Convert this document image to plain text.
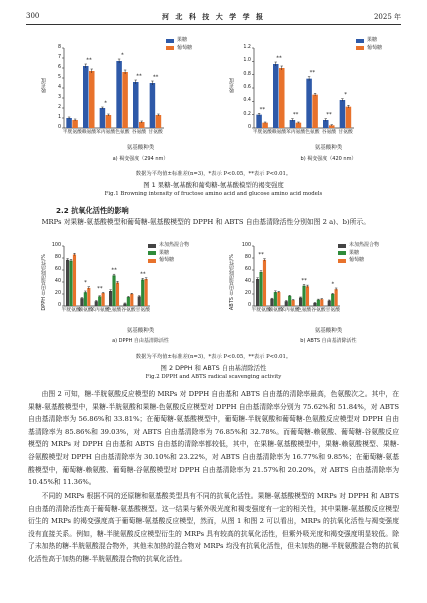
300	河 北 科 技 大 学 学 报	2025 年
**
*
*
** **
吸光度
果糖
葡萄糖
氨基酸种类
a) 褐变强度（294 nm）
0
1
2
3
4
5
6
7
8
半胱氨酸 赖氨酸 苯丙氨酸 色氨酸 谷氨酸 甘氨酸
**
**
**
**
**
*
吸光度
果糖
葡萄糖
氨基酸种类
b) 褐变强度（420 nm）
0
0.2
0.4
0.6
0.8
1.0
1.2
半胱氨酸 赖氨酸 苯丙氨酸 色氨酸 谷氨酸 甘氨酸
数据为平均值±标准差(n=3)，*表示 P<0.05，**表示 P<0.01。
图 1 果糖-氨基酸和葡萄糖-氨基酸模型的褐变强度
Fig.1 Browning intensity of fructose amino acid and glucose amino acid models
2.2 抗氧化活性的影响

MRPs 对果糖-氨基酸模型和葡萄糖-氨基酸模型的 DPPH 和 ABTS 自由基清除活性分别如图 2 a)、b)所示。

*
**
**
**
DPPH 自由基清除活性/%
未加热混合物
果糖
葡萄糖
氨基酸种类
a) DPPH 自由基清除活性
0
20
40
60
80
100
半胱氨酸
赖氨酸
苯丙氨酸
色氨酸 谷氨酸 甘氨酸
**
**
*
ABTS 自由基清除活性/%
未加热混合物
果糖
葡萄糖
氨基酸种类
b) ABTS 自由基清除活性
0
20
40
60
80
100
半胱氨酸
赖氨酸
苯丙氨酸
色氨酸 谷氨酸 甘氨酸
数据为平均值±标准差(n=3)，*表示 P<0.05，**表示 P<0.01。
图 2 DPPH 和 ABTS 自由基清除活性
Fig.2 DPPH and ABTS radical scavenging activity

由图 2 可知，糖-半胱氨酸反应模型的 MRPs 对 DPPH 自由基和 ABTS 自由基的清除率最高，色氨酸次之。其中，在果糖-氨基酸模型中，果糖-半胱氨酸和果糖-色氨酸反应模型对 DPPH 自由基清除率分别为 75.62%和 51.84%，对 ABTS 自由基清除率为 56.86%和 33.81%；在葡萄糖-氨基酸模型中，葡萄糖-半胱氨酸和葡萄糖-色氨酸反应模型对 DPPH 自由基清除率为 85.86%和 39.03%，对 ABTS 自由基清除率为 76.85%和 32.78%。而葡萄糖-赖氨酸、葡萄糖-谷氨酸反应模型的 MRPs 对 DPPH 自由基和 ABTS 自由基的清除率都较低，其中，在果糖-氨基酸模型中，果糖-赖氨酸模型、果糖-谷氨酸模型对 DPPH 自由基清除率为 30.10%和 23.22%，对 ABTS 自由基清除率为 16.77%和 9.85%；在葡萄糖-氨基酸模型中，葡萄糖-赖氨酸、葡萄糖-谷氨酸模型对 DPPH 自由基清除率为 21.57%和 20.20%，对 ABTS 自由基清除率为 10.45%和 11.36%。

不同的 MRPs 根据不同的还原糖和氨基酸类型具有不同的抗氧化活性。果糖-氨基酸模型的 MRPs 对 DPPH 和 ABTS 自由基的清除活性高于葡萄糖-氨基酸模型。这一结果与紫外吸光度和褐变强度有一定的相关性，其中果糖-氨基酸反应模型衍生的 MRPs 的褐变强度高于葡萄糖-氨基酸反应模型，然而，从图 1 和图 2 可以看出，MRPs 的抗氧化活性与褐变强度没有直接关系。例如，糖-半胱氨酸反应模型衍生的 MRPs 具有较高的抗氧化活性，但紫外吸光度和褐变强度明显较低。除了未加热的糖-半胱氨酸混合物外，其他未加热的混合物对 MRPs 均没有抗氧化活性，但未加热的糖-半胱氨酸混合物的抗氧化活性高于加热的糖-半胱氨酸混合物的抗氧化活性。
